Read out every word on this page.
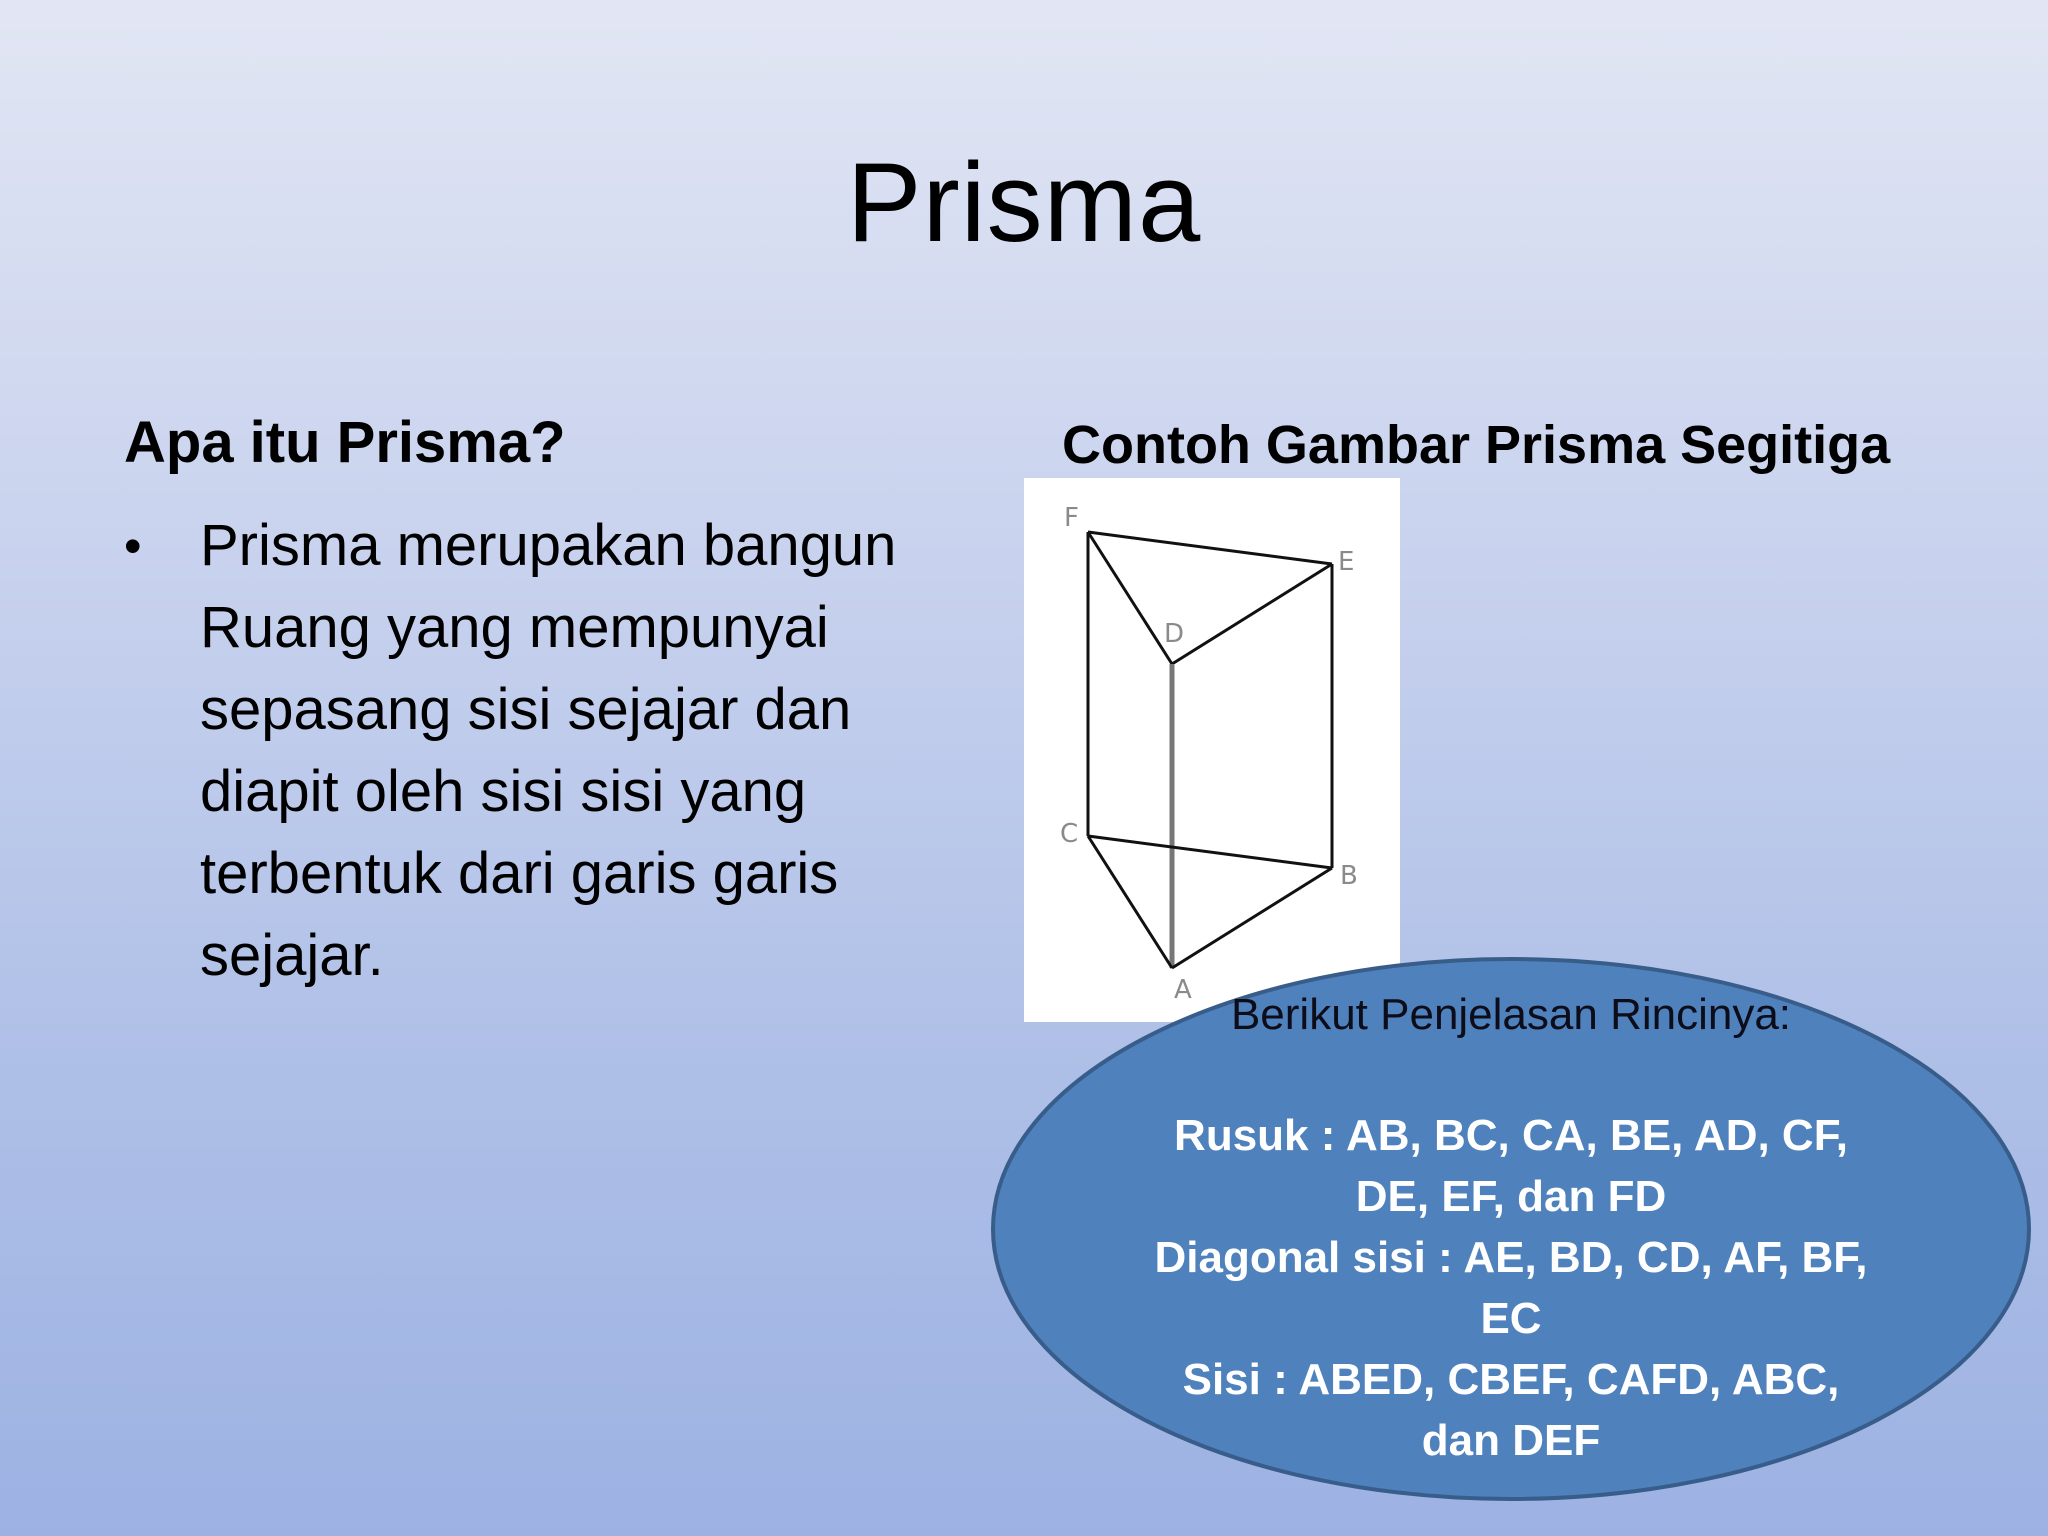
Prisma
Apa itu Prisma?
• Prisma merupakan bangun Ruang yang mempunyai sepasang sisi sejajar dan diapit oleh sisi sisi yang terbentuk dari garis garis sejajar.
Contoh Gambar Prisma Segitiga
F
E
D
C
B
A Berikut Penjelasan Rincinya:
Rusuk : AB, BC, CA, BE, AD, CF, DE, EF, dan FD
Diagonal sisi : AE, BD, CD, AF, BF, EC
Sisi : ABED, CBEF, CAFD, ABC, dan DEF
